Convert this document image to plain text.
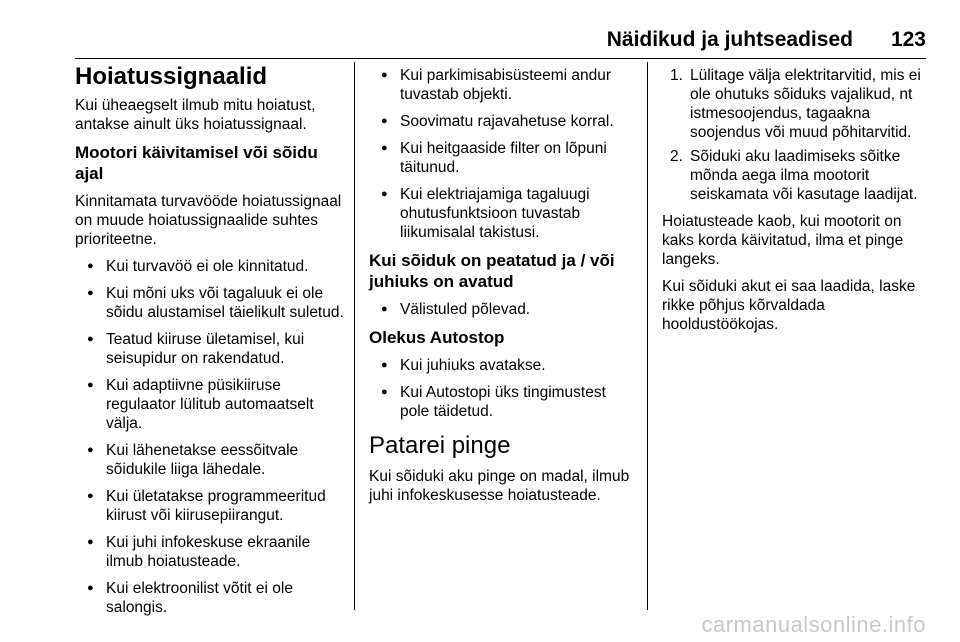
Näidikud ja juhtseadised 123
Hoiatussignaalid

Kui üheaegselt ilmub mitu hoiatust, antakse ainult üks hoiatussignaal.

Mootori käivitamisel või sõidu ajal

Kinnitamata turvavööde hoiatussignaal on muude hoiatussignaalide suhtes prioriteetne.

● Kui turvavöö ei ole kinnitatud.
● Kui mõni uks või tagaluuk ei ole sõidu alustamisel täielikult suletud.
● Teatud kiiruse ületamisel, kui seisupidur on rakendatud.
● Kui adaptiivne püsikiiruse regulaator lülitub automaatselt välja.
● Kui lähenetakse eessõitvale sõidukile liiga lähedale.
● Kui ületatakse programmeeritud kiirust või kiirusepiirangut.
● Kui juhi infokeskuse ekraanile ilmub hoiatusteade.
● Kui elektroonilist võtit ei ole salongis.
● Kui parkimisabisüsteemi andur tuvastab objekti.
● Soovimatu rajavahetuse korral.
● Kui heitgaaside filter on lõpuni täitunud.
● Kui elektriajamiga tagaluugi ohutusfunktsioon tuvastab liikumisalal takistusi.
Kui sõiduk on peatatud ja / või juhiuks on avatud
● Välistuled põlevad.
Olekus Autostop
● Kui juhiuks avatakse.
● Kui Autostopi üks tingimustest pole täidetud.
Patarei pinge

Kui sõiduki aku pinge on madal, ilmub juhi infokeskusesse hoiatusteade.

1. Lülitage välja elektritarvitid, mis ei ole ohutuks sõiduks vajalikud, nt istmesoojendus, tagaakna soojendus või muud põhitarvitid.
2. Sõiduki aku laadimiseks sõitke mõnda aega ilma mootorit seiskamata või kasutage laadijat.

Hoiatusteade kaob, kui mootorit on kaks korda käivitatud, ilma et pinge langeks.

Kui sõiduki akut ei saa laadida, laske rikke põhjus kõrvaldada hooldustöökojas.

carmanualsonline.info
